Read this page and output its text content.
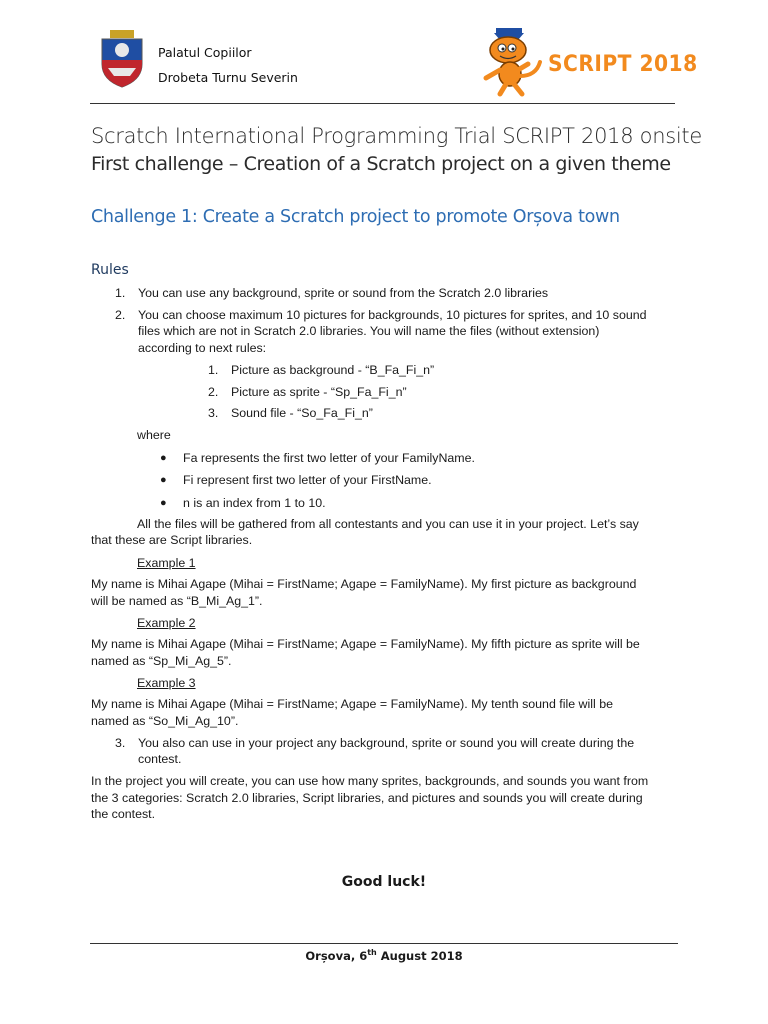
Palatul Copiilor
Drobeta Turnu Severin
SCRIPT 2018
Scratch International Programming Trial SCRIPT 2018 onsite
First challenge – Creation of a Scratch project on a given theme
Challenge 1: Create a Scratch project to promote Orșova town
Rules
1. You can use any background, sprite or sound from the Scratch 2.0 libraries
2. You can choose maximum 10 pictures for backgrounds, 10 pictures for sprites, and 10 sound
files which are not in Scratch 2.0 libraries. You will name the files (without extension)
according to next rules:
1. Picture as background - “B_Fa_Fi_n”
2. Picture as sprite - “Sp_Fa_Fi_n”
3. Sound file - “So_Fa_Fi_n”
where
● Fa represents the first two letter of your FamilyName.
● Fi represent first two letter of your FirstName.
● n is an index from 1 to 10.
All the files will be gathered from all contestants and you can use it in your project. Let’s say
that these are Script libraries.
Example 1
My name is Mihai Agape (Mihai = FirstName; Agape = FamilyName). My first picture as background
will be named as “B_Mi_Ag_1”.
Example 2
My name is Mihai Agape (Mihai = FirstName; Agape = FamilyName). My fifth picture as sprite will be
named as “Sp_Mi_Ag_5”.
Example 3
My name is Mihai Agape (Mihai = FirstName; Agape = FamilyName). My tenth sound file will be
named as “So_Mi_Ag_10”.
3. You also can use in your project any background, sprite or sound you will create during the
contest.
In the project you will create, you can use how many sprites, backgrounds, and sounds you want from
the 3 categories: Scratch 2.0 libraries, Script libraries, and pictures and sounds you will create during
the contest.
Good luck!
Orșova, 6th August 2018
